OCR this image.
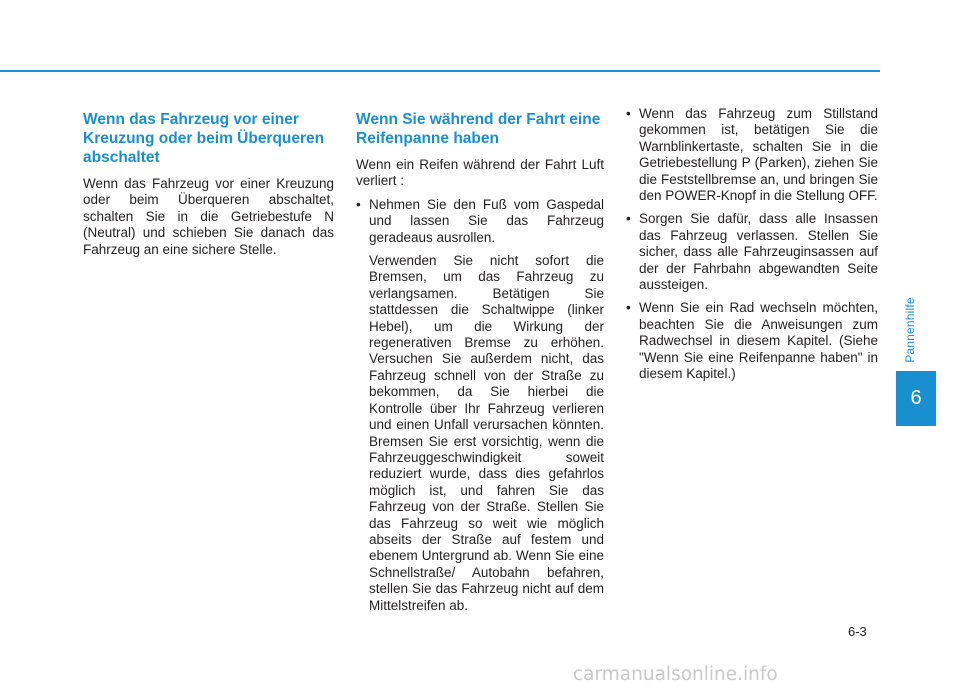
Pannenhilfe
6
Wenn das Fahrzeug vor einer Kreuzung oder beim Überqueren abschaltet

Wenn das Fahrzeug vor einer Kreuzung oder beim Überqueren abschaltet, schalten Sie in die Getriebestufe N (Neutral) und schieben Sie danach das Fahrzeug an eine sichere Stelle.

Wenn Sie während der Fahrt eine Reifenpanne haben

Wenn ein Reifen während der Fahrt Luft verliert :

• Nehmen Sie den Fuß vom Gaspedal und lassen Sie das Fahrzeug geradeaus ausrollen.

Verwenden Sie nicht sofort die Bremsen, um das Fahrzeug zu verlangsamen. Betätigen Sie stattdessen die Schaltwippe (linker Hebel), um die Wirkung der regenerativen Bremse zu erhöhen. Versuchen Sie außerdem nicht, das Fahrzeug schnell von der Straße zu bekommen, da Sie hierbei die Kontrolle über Ihr Fahrzeug verlieren und einen Unfall verursachen könnten. Bremsen Sie erst vorsichtig, wenn die Fahrzeuggeschwindigkeit soweit reduziert wurde, dass dies gefahrlos möglich ist, und fahren Sie das Fahrzeug von der Straße. Stellen Sie das Fahrzeug so weit wie möglich abseits der Straße auf festem und ebenem Untergrund ab. Wenn Sie eine Schnellstraße/ Autobahn befahren, stellen Sie das Fahrzeug nicht auf dem Mittelstreifen ab.

• Wenn das Fahrzeug zum Stillstand gekommen ist, betätigen Sie die Warnblinkertaste, schalten Sie in die Getriebestellung P (Parken), ziehen Sie die Feststellbremse an, und bringen Sie den POWER-Knopf in die Stellung OFF.
• Sorgen Sie dafür, dass alle Insassen das Fahrzeug verlassen. Stellen Sie sicher, dass alle Fahrzeuginsassen auf der der Fahrbahn abgewandten Seite aussteigen.
• Wenn Sie ein Rad wechseln möchten, beachten Sie die Anweisungen zum Radwechsel in diesem Kapitel. (Siehe "Wenn Sie eine Reifenpanne haben" in diesem Kapitel.)
6-3
carmanualsonline.info
